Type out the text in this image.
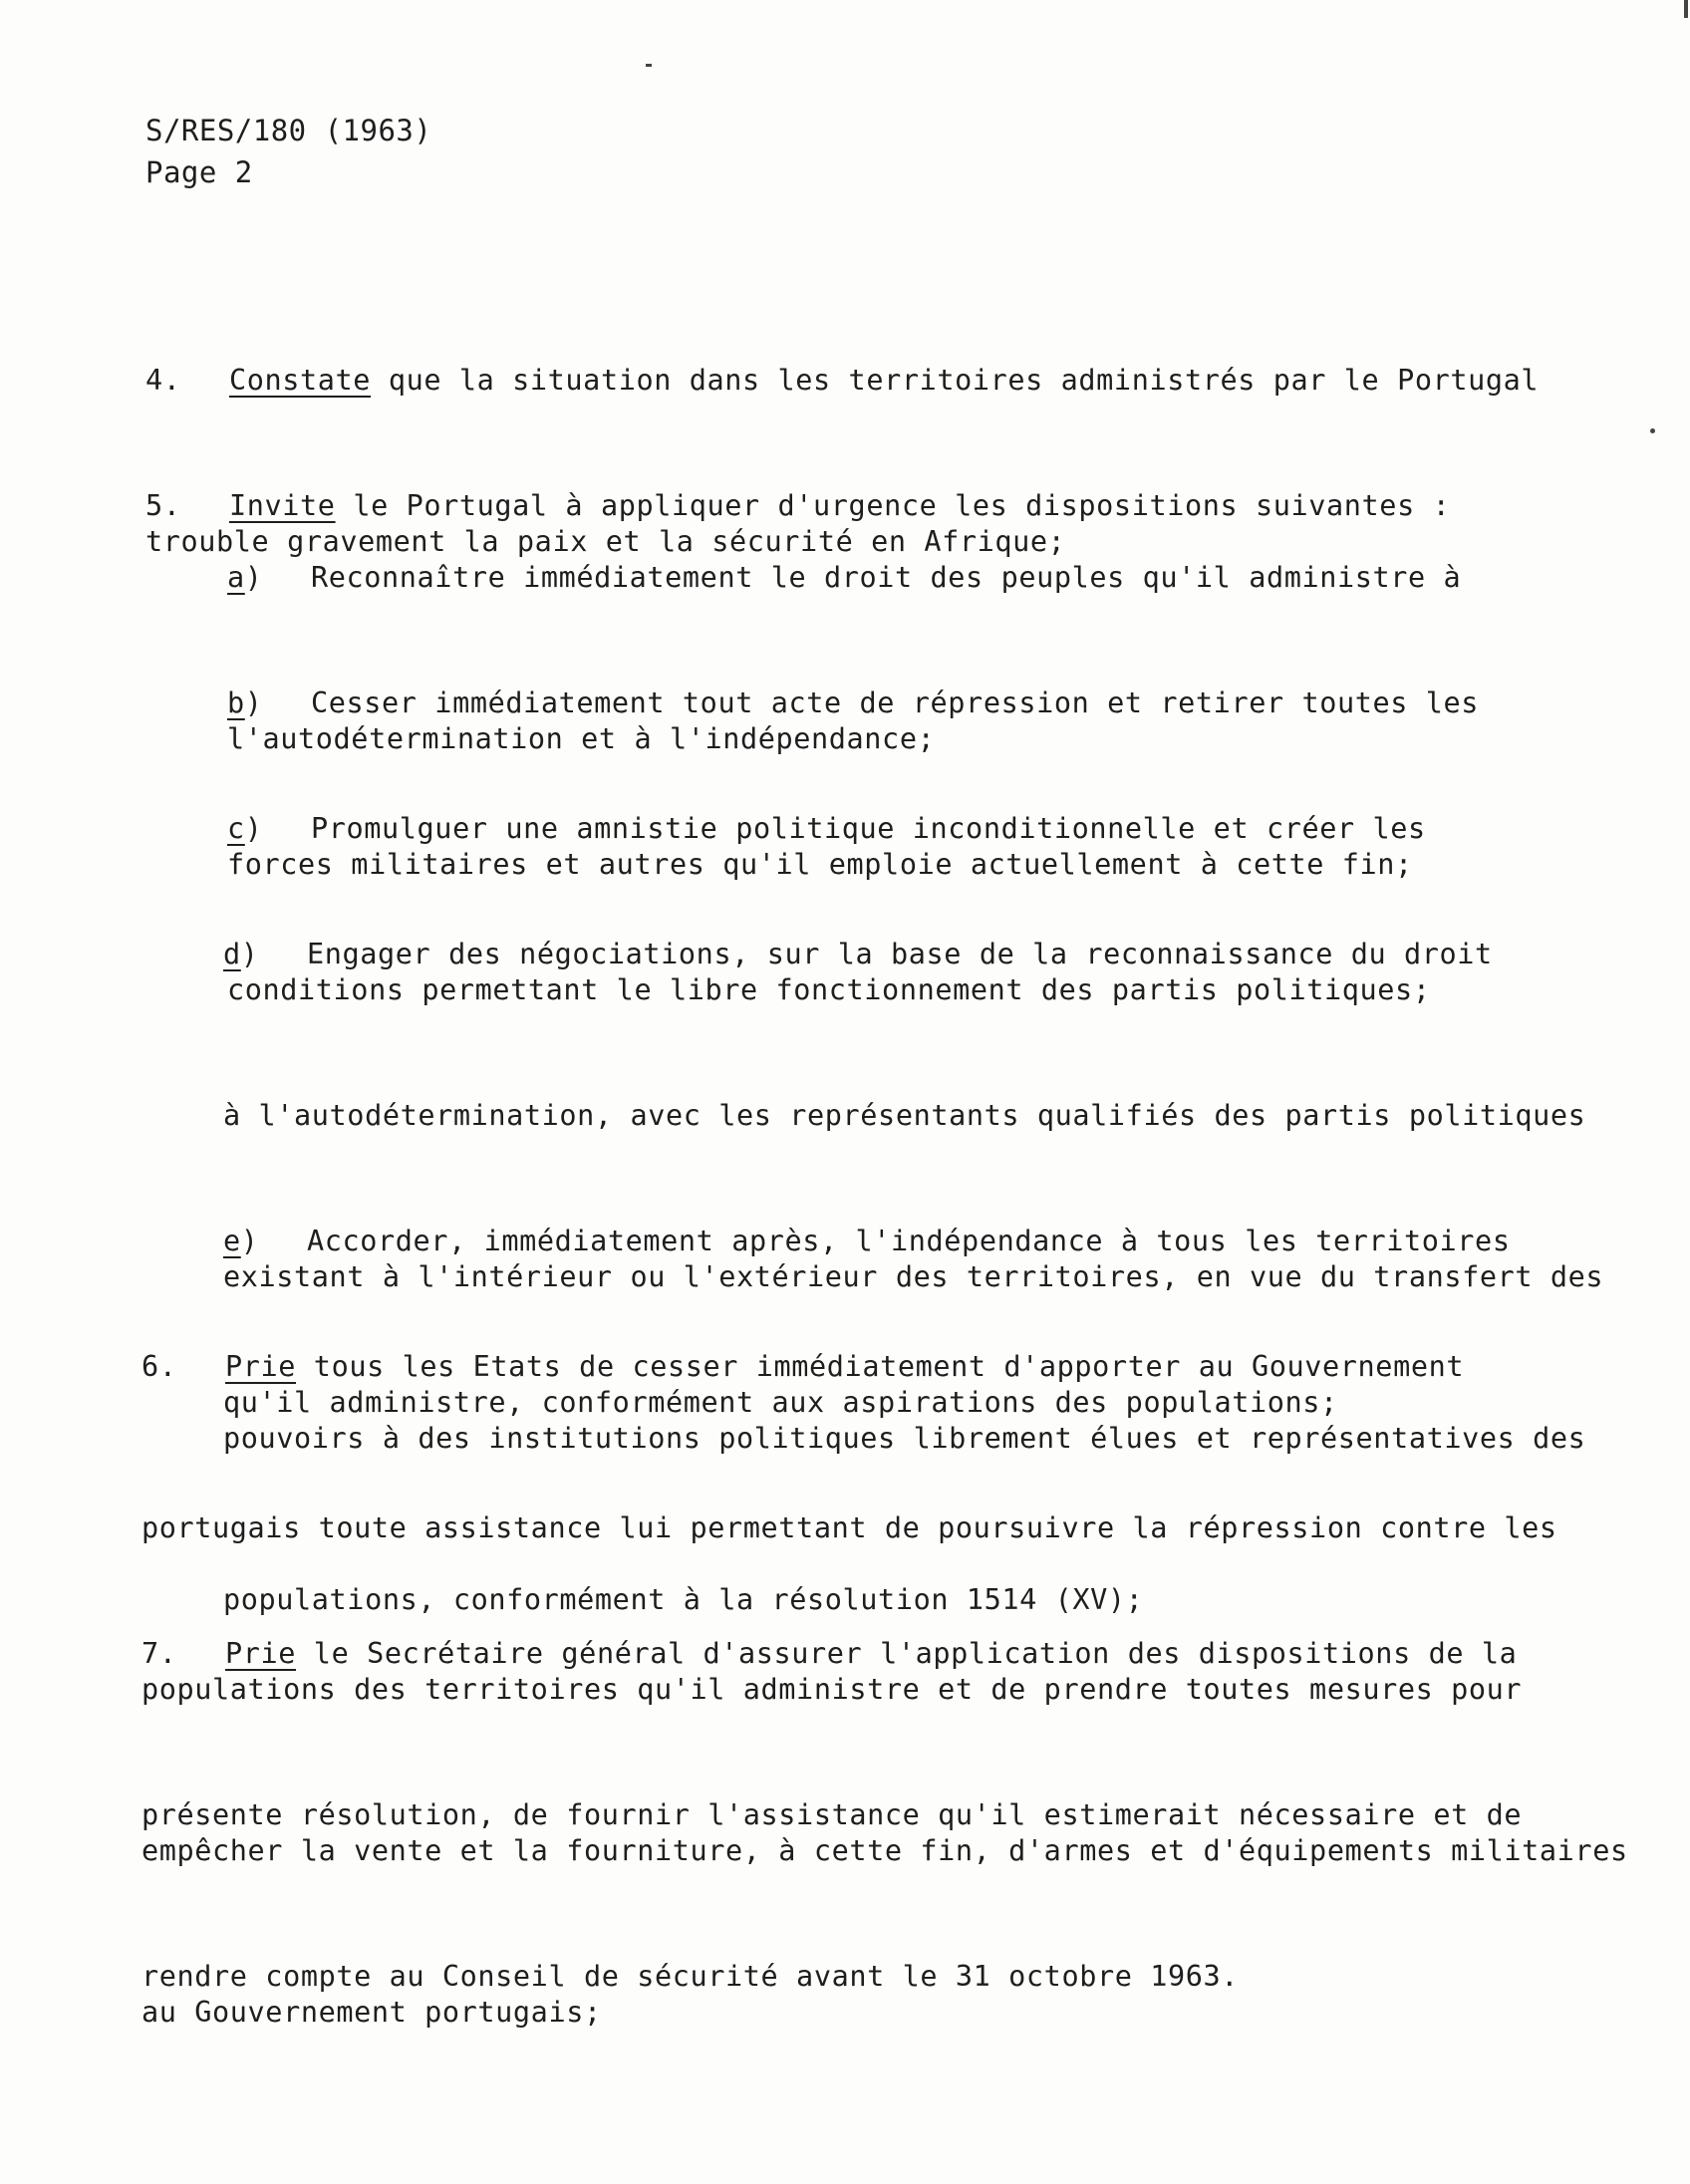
S/RES/180 (1963)
Page 2

4. Constate que la situation dans les territoires administrés par le Portugal

trouble gravement la paix et la sécurité en Afrique;

5. Invite le Portugal à appliquer d'urgence les dispositions suivantes :

a) Reconnaître immédiatement le droit des peuples qu'il administre à

l'autodétermination et à l'indépendance;

b) Cesser immédiatement tout acte de répression et retirer toutes les

forces militaires et autres qu'il emploie actuellement à cette fin;

c) Promulguer une amnistie politique inconditionnelle et créer les

conditions permettant le libre fonctionnement des partis politiques;

d) Engager des négociations, sur la base de la reconnaissance du droit

à l'autodétermination, avec les représentants qualifiés des partis politiques

existant à l'intérieur ou l'extérieur des territoires, en vue du transfert des

pouvoirs à des institutions politiques librement élues et représentatives des

populations, conformément à la résolution 1514 (XV);

e) Accorder, immédiatement après, l'indépendance à tous les territoires

qu'il administre, conformément aux aspirations des populations;

6. Prie tous les Etats de cesser immédiatement d'apporter au Gouvernement

portugais toute assistance lui permettant de poursuivre la répression contre les

populations des territoires qu'il administre et de prendre toutes mesures pour

empêcher la vente et la fourniture, à cette fin, d'armes et d'équipements militaires

au Gouvernement portugais;

7. Prie le Secrétaire général d'assurer l'application des dispositions de la

présente résolution, de fournir l'assistance qu'il estimerait nécessaire et de

rendre compte au Conseil de sécurité avant le 31 octobre 1963.
